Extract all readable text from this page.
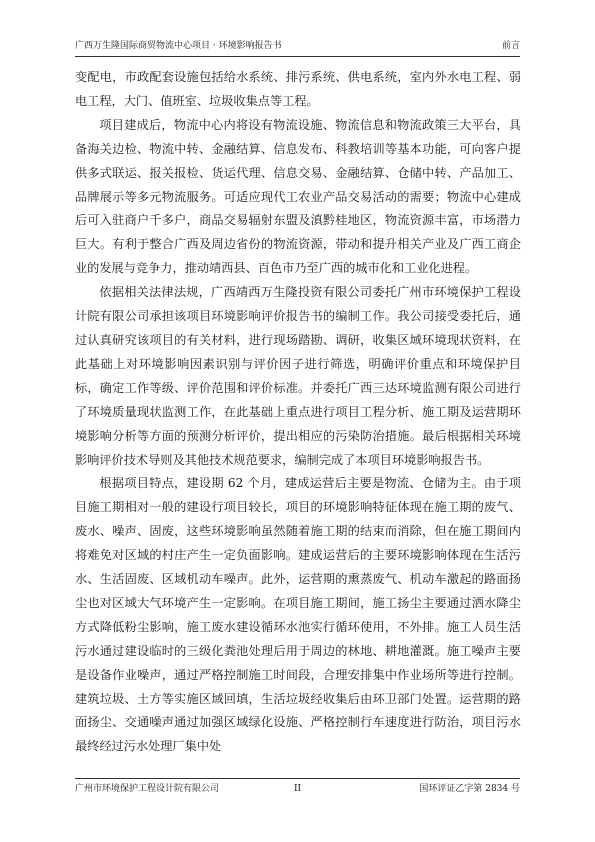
广西万生隆国际商贸物流中心项目 · 环境影响报告书	前言

变配电，市政配套设施包括给水系统、排污系统、供电系统，室内外水电工程、弱电工程，大门、值班室、垃圾收集点等工程。

项目建成后，物流中心内将设有物流设施、物流信息和物流政策三大平台，具备海关边检、物流中转、金融结算、信息发布、科教培训等基本功能，可向客户提供多式联运、报关报检、货运代理、信息交易、金融结算、仓储中转、产品加工、品牌展示等多元物流服务。可适应现代工农业产品交易活动的需要；物流中心建成后可入驻商户千多户，商品交易辐射东盟及滇黔桂地区，物流资源丰富，市场潜力巨大。有利于整合广西及周边省份的物流资源，带动和提升相关产业及广西工商企业的发展与竞争力，推动靖西县、百色市乃至广西的城市化和工业化进程。

依据相关法律法规，广西靖西万生隆投资有限公司委托广州市环境保护工程设计院有限公司承担该项目环境影响评价报告书的编制工作。我公司接受委托后，通过认真研究该项目的有关材料，进行现场踏勘、调研，收集区域环境现状资料，在此基础上对环境影响因素识别与评价因子进行筛选，明确评价重点和环境保护目标，确定工作等级、评价范围和评价标准。并委托广西三达环境监测有限公司进行了环境质量现状监测工作，在此基础上重点进行项目工程分析、施工期及运营期环境影响分析等方面的预测分析评价，提出相应的污染防治措施。最后根据相关环境影响评价技术导则及其他技术规范要求，编制完成了本项目环境影响报告书。

根据项目特点，建设期 62 个月，建成运营后主要是物流、仓储为主。由于项目施工期相对一般的建设行项目较长，项目的环境影响特征体现在施工期的废气、废水、噪声、固废，这些环境影响虽然随着施工期的结束而消除，但在施工期间内将难免对区域的村庄产生一定负面影响。建成运营后的主要环境影响体现在生活污水、生活固废、区域机动车噪声。此外，运营期的熏蒸废气、机动车激起的路面扬尘也对区域大气环境产生一定影响。在项目施工期间，施工扬尘主要通过洒水降尘方式降低粉尘影响，施工废水建设循环水池实行循环使用，不外排。施工人员生活污水通过建设临时的三级化粪池处理后用于周边的林地、耕地灌溉。施工噪声主要是设备作业噪声，通过严格控制施工时间段，合理安排集中作业场所等进行控制。建筑垃圾、土方等实施区域回填，生活垃圾经收集后由环卫部门处置。运营期的路面扬尘、交通噪声通过加强区域绿化设施、严格控制行车速度进行防治，项目污水最终经过污水处理厂集中处

广州市环境保护工程设计院有限公司	II	国环评证乙字第 2834 号
